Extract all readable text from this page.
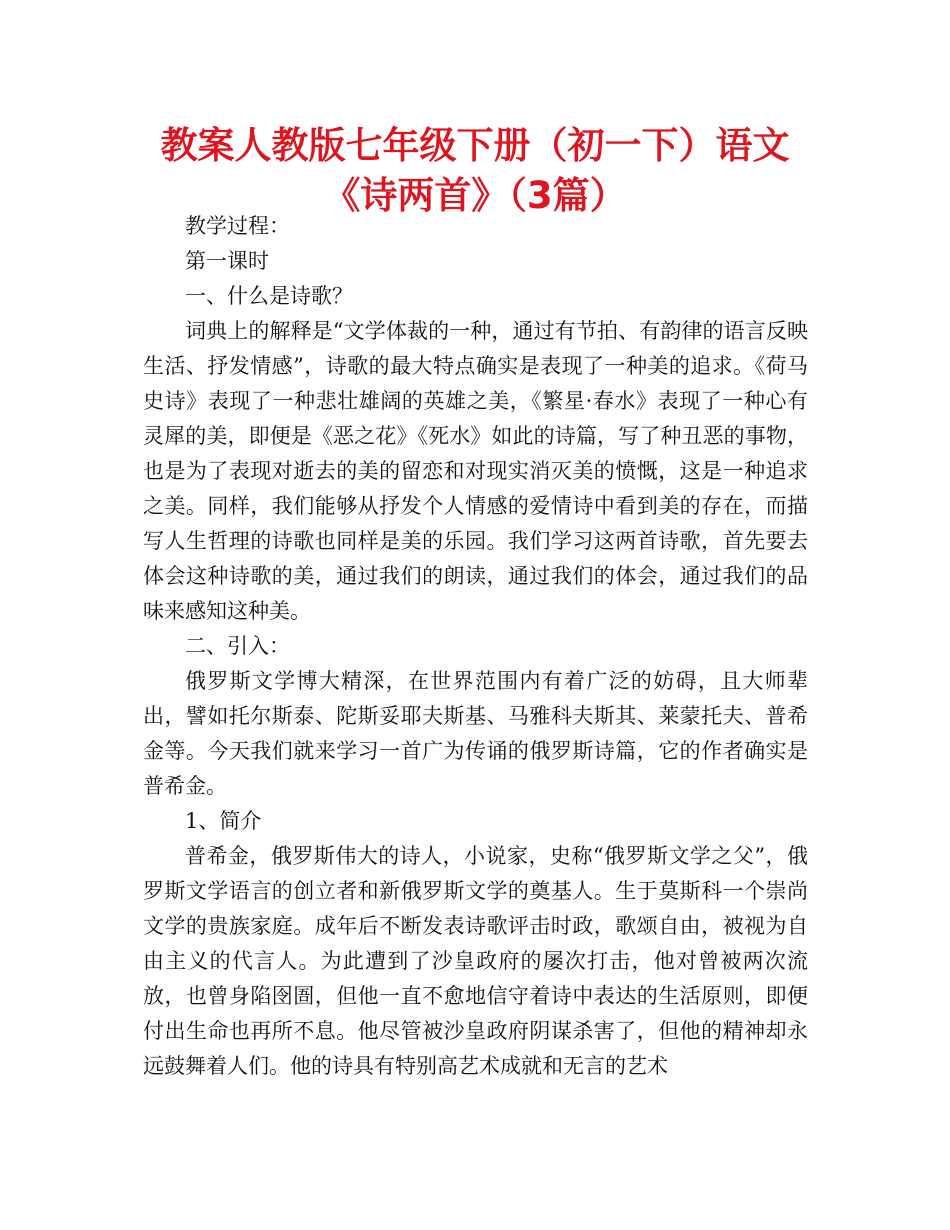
教案人教版七年级下册（初一下）语文
《诗两首》（3篇）

教学过程：

第一课时

一、什么是诗歌？

词典上的解释是“文学体裁的一种，通过有节拍、有韵律的语言反映生活、抒发情感”，诗歌的最大特点确实是表现了一种美的追求。《荷马史诗》表现了一种悲壮雄阔的英雄之美，《繁星·春水》表现了一种心有灵犀的美，即便是《恶之花》《死水》如此的诗篇，写了种丑恶的事物，也是为了表现对逝去的美的留恋和对现实消灭美的愤慨，这是一种追求之美。同样，我们能够从抒发个人情感的爱情诗中看到美的存在，而描写人生哲理的诗歌也同样是美的乐园。我们学习这两首诗歌，首先要去体会这种诗歌的美，通过我们的朗读，通过我们的体会，通过我们的品味来感知这种美。

二、引入：

俄罗斯文学博大精深，在世界范围内有着广泛的妨碍，且大师辈出，譬如托尔斯泰、陀斯妥耶夫斯基、马雅科夫斯其、莱蒙托夫、普希金等。今天我们就来学习一首广为传诵的俄罗斯诗篇，它的作者确实是普希金。

1、简介

普希金，俄罗斯伟大的诗人，小说家，史称“俄罗斯文学之父”，俄罗斯文学语言的创立者和新俄罗斯文学的奠基人。生于莫斯科一个崇尚文学的贵族家庭。成年后不断发表诗歌评击时政，歌颂自由，被视为自由主义的代言人。为此遭到了沙皇政府的屡次打击，他对曾被两次流放，也曾身陷囹圄，但他一直不愈地信守着诗中表达的生活原则，即便付出生命也再所不息。他尽管被沙皇政府阴谋杀害了，但他的精神却永远鼓舞着人们。他的诗具有特别高艺术成就和无言的艺术
